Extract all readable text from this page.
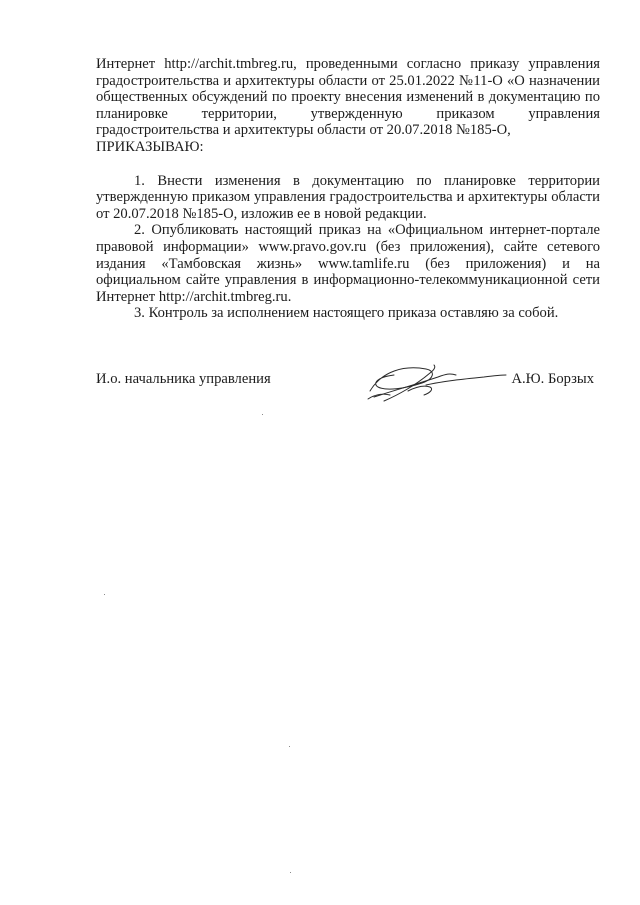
Интернет http://archit.tmbreg.ru, проведенными согласно приказу управления градостроительства и архитектуры области от 25.01.2022 №11-О «О назначении общественных обсуждений по проекту внесения изменений в документацию по планировке территории, утвержденную приказом управления градостроительства и архитектуры области от 20.07.2018 №185-О,
ПРИКАЗЫВАЮ:

1. Внести изменения в документацию по планировке территории утвержденную приказом управления градостроительства и архитектуры области от 20.07.2018 №185-О, изложив ее в новой редакции.

2. Опубликовать настоящий приказ на «Официальном интернет-портале правовой информации» www.pravo.gov.ru (без приложения), сайте сетевого издания «Тамбовская жизнь» www.tamlife.ru (без приложения) и на официальном сайте управления в информационно-телекоммуникационной сети Интернет http://archit.tmbreg.ru.

3. Контроль за исполнением настоящего приказа оставляю за собой.

И.о. начальника управления	А.Ю. Борзых
